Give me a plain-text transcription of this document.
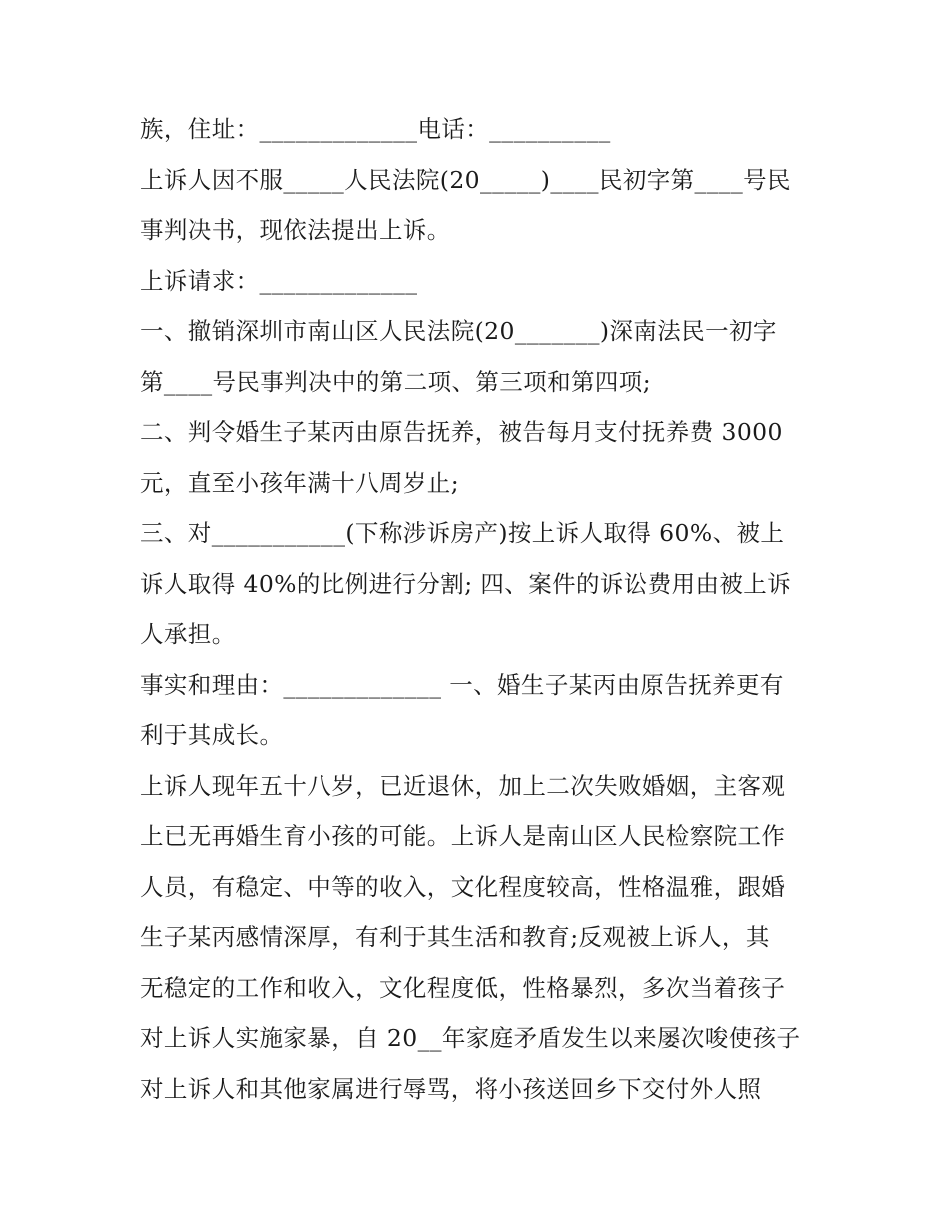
族，住址：_____________电话：__________
上诉人因不服_____人民法院(20_____)____民初字第____号民
事判决书，现依法提出上诉。
上诉请求：_____________
一、撤销深圳市南山区人民法院(20_______)深南法民一初字
第____号民事判决中的第二项、第三项和第四项;
二、判令婚生子某丙由原告抚养，被告每月支付抚养费 3000
元，直至小孩年满十八周岁止;
三、对___________(下称涉诉房产)按上诉人取得 60%、被上
诉人取得 40%的比例进行分割; 四、案件的诉讼费用由被上诉
人承担。
事实和理由：_____________ 一、婚生子某丙由原告抚养更有
利于其成长。
上诉人现年五十八岁，已近退休，加上二次失败婚姻，主客观
上已无再婚生育小孩的可能。上诉人是南山区人民检察院工作
人员，有稳定、中等的收入，文化程度较高，性格温雅，跟婚
生子某丙感情深厚，有利于其生活和教育;反观被上诉人，其
无稳定的工作和收入，文化程度低，性格暴烈，多次当着孩子
对上诉人实施家暴，自 20__年家庭矛盾发生以来屡次唆使孩子
对上诉人和其他家属进行辱骂，将小孩送回乡下交付外人照
